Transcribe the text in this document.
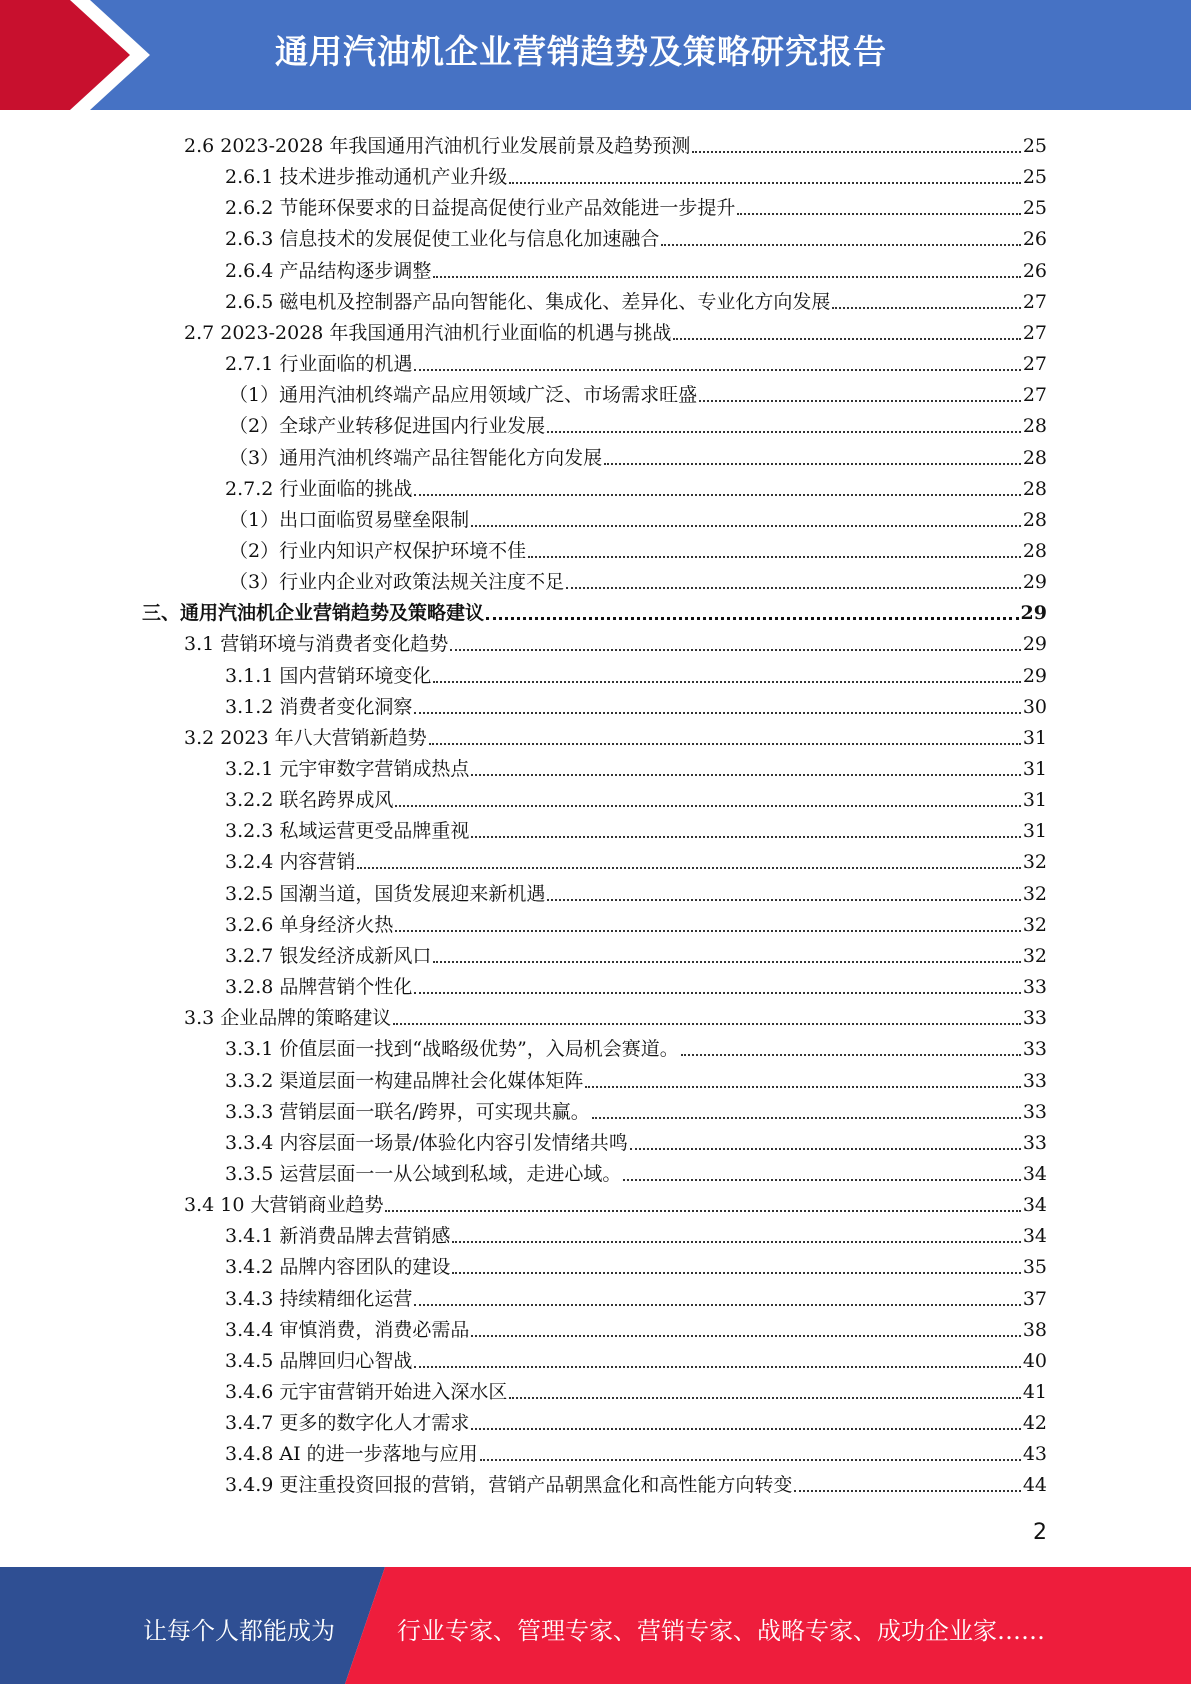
通用汽油机企业营销趋势及策略研究报告
2.6 2023-2028 年我国通用汽油机行业发展前景及趋势预测	25
2.6.1 技术进步推动通机产业升级	25
2.6.2 节能环保要求的日益提高促使行业产品效能进一步提升	25
2.6.3 信息技术的发展促使工业化与信息化加速融合	26
2.6.4 产品结构逐步调整	26
2.6.5 磁电机及控制器产品向智能化、集成化、差异化、专业化方向发展	27
2.7 2023-2028 年我国通用汽油机行业面临的机遇与挑战	27
2.7.1 行业面临的机遇	27
（1）通用汽油机终端产品应用领域广泛、市场需求旺盛	27
（2）全球产业转移促进国内行业发展	28
（3）通用汽油机终端产品往智能化方向发展	28
2.7.2 行业面临的挑战	28
（1）出口面临贸易壁垒限制	28
（2）行业内知识产权保护环境不佳	28
（3）行业内企业对政策法规关注度不足	29
三、通用汽油机企业营销趋势及策略建议	29
3.1 营销环境与消费者变化趋势	29
3.1.1 国内营销环境变化	29
3.1.2 消费者变化洞察	30
3.2 2023 年八大营销新趋势	31
3.2.1 元宇审数字营销成热点	31
3.2.2 联名跨界成风	31
3.2.3 私域运营更受品牌重视	31
3.2.4 内容营销	32
3.2.5 国潮当道，国货发展迎来新机遇	32
3.2.6 单身经济火热	32
3.2.7 银发经济成新风口	32
3.2.8 品牌营销个性化	33
3.3 企业品牌的策略建议	33
3.3.1 价值层面一找到“战略级优势”，入局机会赛道。	33
3.3.2 渠道层面一构建品牌社会化媒体矩阵	33
3.3.3 营销层面一联名/跨界，可实现共赢。	33
3.3.4 内容层面一场景/体验化内容引发情绪共鸣	33
3.3.5 运营层面一一从公域到私域，走进心域。	34
3.4 10 大营销商业趋势	34
3.4.1 新消费品牌去营销感	34
3.4.2 品牌内容团队的建设	35
3.4.3 持续精细化运营	37
3.4.4 审慎消费，消费必需品	38
3.4.5 品牌回归心智战	40
3.4.6 元宇宙营销开始进入深水区	41
3.4.7 更多的数字化人才需求	42
3.4.8 AI 的进一步落地与应用	43
3.4.9 更注重投资回报的营销，营销产品朝黑盒化和高性能方向转变	44
2
让每个人都能成为	行业专家、管理专家、营销专家、战略专家、成功企业家……
